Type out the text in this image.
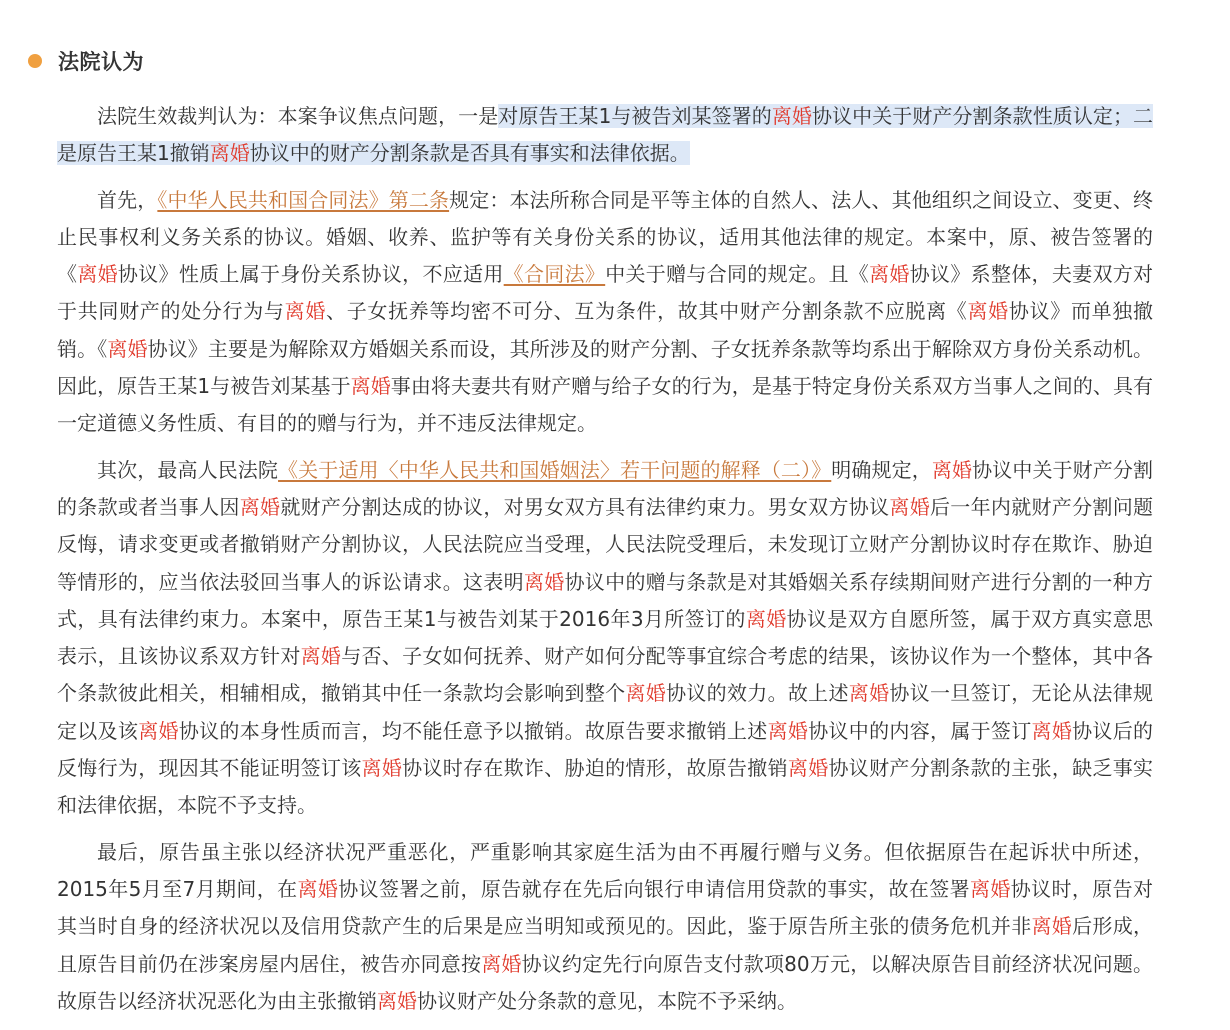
法院认为

法院生效裁判认为：本案争议焦点问题，一是对原告王某1与被告刘某签署的离婚协议中关于财产分割条款性质认定；二是原告王某1撤销离婚协议中的财产分割条款是否具有事实和法律依据。

首先，《中华人民共和国合同法》第二条规定：本法所称合同是平等主体的自然人、法人、其他组织之间设立、变更、终止民事权利义务关系的协议。婚姻、收养、监护等有关身份关系的协议，适用其他法律的规定。本案中，原、被告签署的《离婚协议》性质上属于身份关系协议，不应适用《合同法》中关于赠与合同的规定。且《离婚协议》系整体，夫妻双方对于共同财产的处分行为与离婚、子女抚养等均密不可分、互为条件，故其中财产分割条款不应脱离《离婚协议》而单独撤销。《离婚协议》主要是为解除双方婚姻关系而设，其所涉及的财产分割、子女抚养条款等均系出于解除双方身份关系动机。因此，原告王某1与被告刘某基于离婚事由将夫妻共有财产赠与给子女的行为，是基于特定身份关系双方当事人之间的、具有一定道德义务性质、有目的的赠与行为，并不违反法律规定。

其次，最高人民法院《关于适用〈中华人民共和国婚姻法〉若干问题的解释（二）》明确规定，离婚协议中关于财产分割的条款或者当事人因离婚就财产分割达成的协议，对男女双方具有法律约束力。男女双方协议离婚后一年内就财产分割问题反悔，请求变更或者撤销财产分割协议，人民法院应当受理，人民法院受理后，未发现订立财产分割协议时存在欺诈、胁迫等情形的，应当依法驳回当事人的诉讼请求。这表明离婚协议中的赠与条款是对其婚姻关系存续期间财产进行分割的一种方式，具有法律约束力。本案中，原告王某1与被告刘某于2016年3月所签订的离婚协议是双方自愿所签，属于双方真实意思表示，且该协议系双方针对离婚与否、子女如何抚养、财产如何分配等事宜综合考虑的结果，该协议作为一个整体，其中各个条款彼此相关，相辅相成，撤销其中任一条款均会影响到整个离婚协议的效力。故上述离婚协议一旦签订，无论从法律规定以及该离婚协议的本身性质而言，均不能任意予以撤销。故原告要求撤销上述离婚协议中的内容，属于签订离婚协议后的反悔行为，现因其不能证明签订该离婚协议时存在欺诈、胁迫的情形，故原告撤销离婚协议财产分割条款的主张，缺乏事实和法律依据，本院不予支持。

最后，原告虽主张以经济状况严重恶化，严重影响其家庭生活为由不再履行赠与义务。但依据原告在起诉状中所述，2015年5月至7月期间，在离婚协议签署之前，原告就存在先后向银行申请信用贷款的事实，故在签署离婚协议时，原告对其当时自身的经济状况以及信用贷款产生的后果是应当明知或预见的。因此，鉴于原告所主张的债务危机并非离婚后形成，且原告目前仍在涉案房屋内居住，被告亦同意按离婚协议约定先行向原告支付款项80万元，以解决原告目前经济状况问题。故原告以经济状况恶化为由主张撤销离婚协议财产处分条款的意见，本院不予采纳。
